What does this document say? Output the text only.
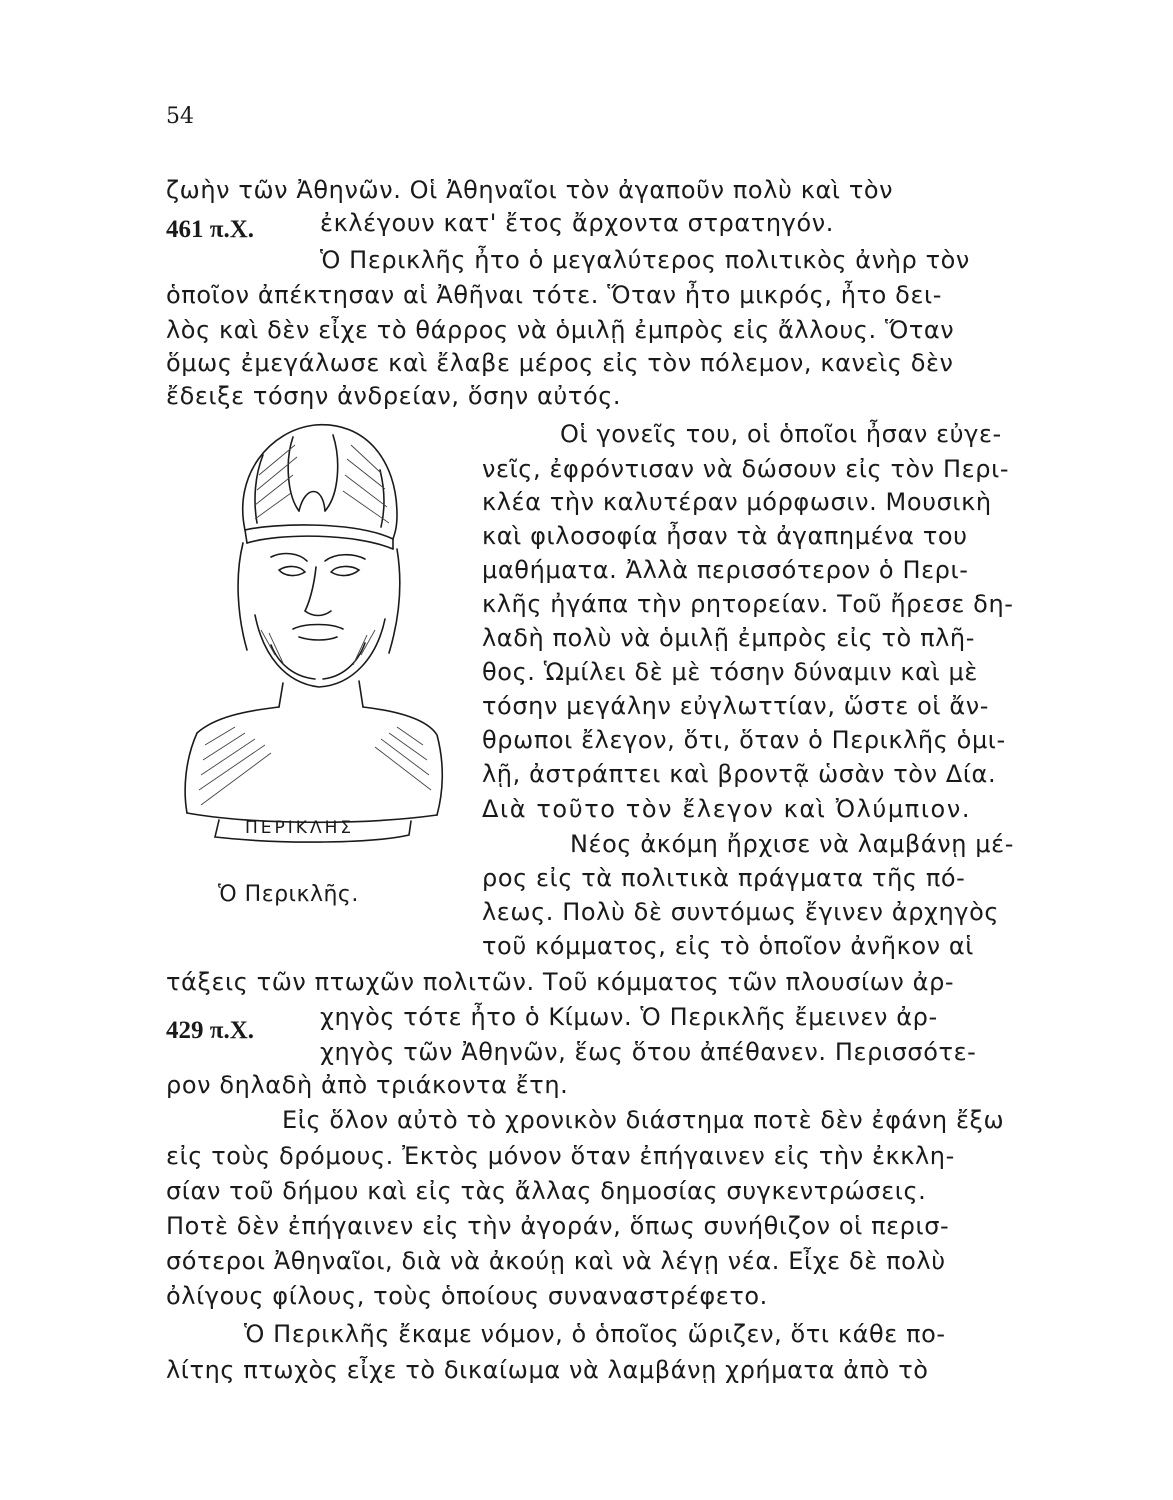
54
461 π.Χ.
429 π.Χ.
ζωὴν τῶν Ἀθηνῶν. Οἱ Ἀθηναῖοι τὸν ἀγαποῦν πολὺ καὶ τὸν
ἐκλέγουν κατ' ἔτος ἄρχοντα στρατηγόν.
Ὁ Περικλῆς ἦτο ὁ μεγαλύτερος πολιτικὸς ἀνὴρ τὸν
ὁποῖον ἀπέκτησαν αἱ Ἀθῆναι τότε. Ὅταν ἦτο μικρός, ἦτο δει-
λὸς καὶ δὲν εἶχε τὸ θάρρος νὰ ὁμιλῇ ἐμπρὸς εἰς ἄλλους. Ὅταν
ὅμως ἐμεγάλωσε καὶ ἔλαβε μέρος εἰς τὸν πόλεμον, κανεὶς δὲν
ἔδειξε τόσην ἀνδρείαν, ὅσην αὐτός.
Οἱ γονεῖς του, οἱ ὁποῖοι ἦσαν εὐγε-
νεῖς, ἐφρόντισαν νὰ δώσουν εἰς τὸν Περι-
κλέα τὴν καλυτέραν μόρφωσιν. Μουσικὴ
καὶ φιλοσοφία ἦσαν τὰ ἀγαπημένα του
μαθήματα. Ἀλλὰ περισσότερον ὁ Περι-
κλῆς ἠγάπα τὴν ρητορείαν. Τοῦ ἤρεσε δη-
λαδὴ πολὺ νὰ ὁμιλῇ ἐμπρὸς εἰς τὸ πλῆ-
θος. Ὡμίλει δὲ μὲ τόσην δύναμιν καὶ μὲ
τόσην μεγάλην εὐγλωττίαν, ὥστε οἱ ἄν-
θρωποι ἔλεγον, ὅτι, ὅταν ὁ Περικλῆς ὁμι-
λῇ, ἀστράπτει καὶ βροντᾷ ὡσὰν τὸν Δία.
Διὰ τοῦτο τὸν ἔλεγον καὶ Ὀλύμπιον.
Νέος ἀκόμη ἤρχισε νὰ λαμβάνῃ μέ-
ρος εἰς τὰ πολιτικὰ πράγματα τῆς πό-
λεως. Πολὺ δὲ συντόμως ἔγινεν ἀρχηγὸς
τοῦ κόμματος, εἰς τὸ ὁποῖον ἀνῆκον αἱ
τάξεις τῶν πτωχῶν πολιτῶν. Τοῦ κόμματος τῶν πλουσίων ἀρ-
χηγὸς τότε ἦτο ὁ Κίμων. Ὁ Περικλῆς ἔμεινεν ἀρ-
χηγὸς τῶν Ἀθηνῶν, ἕως ὅτου ἀπέθανεν. Περισσότε-
ρον δηλαδὴ ἀπὸ τριάκοντα ἔτη.
Εἰς ὅλον αὐτὸ τὸ χρονικὸν διάστημα ποτὲ δὲν ἐφάνη ἔξω
εἰς τοὺς δρόμους. Ἐκτὸς μόνον ὅταν ἐπήγαινεν εἰς τὴν ἐκκλη-
σίαν τοῦ δήμου καὶ εἰς τὰς ἄλλας δημοσίας συγκεντρώσεις.
Ποτὲ δὲν ἐπήγαινεν εἰς τὴν ἀγοράν, ὅπως συνήθιζον οἱ περισ-
σότεροι Ἀθηναῖοι, διὰ νὰ ἀκούῃ καὶ νὰ λέγῃ νέα. Εἶχε δὲ πολὺ
ὀλίγους φίλους, τοὺς ὁποίους συναναστρέφετο.
Ὁ Περικλῆς ἔκαμε νόμον, ὁ ὁποῖος ὥριζεν, ὅτι κάθε πο-
λίτης πτωχὸς εἶχε τὸ δικαίωμα νὰ λαμβάνῃ χρήματα ἀπὸ τὸ
ΠΕΡΙΚΛΗΣ
Ὁ Περικλῆς.
